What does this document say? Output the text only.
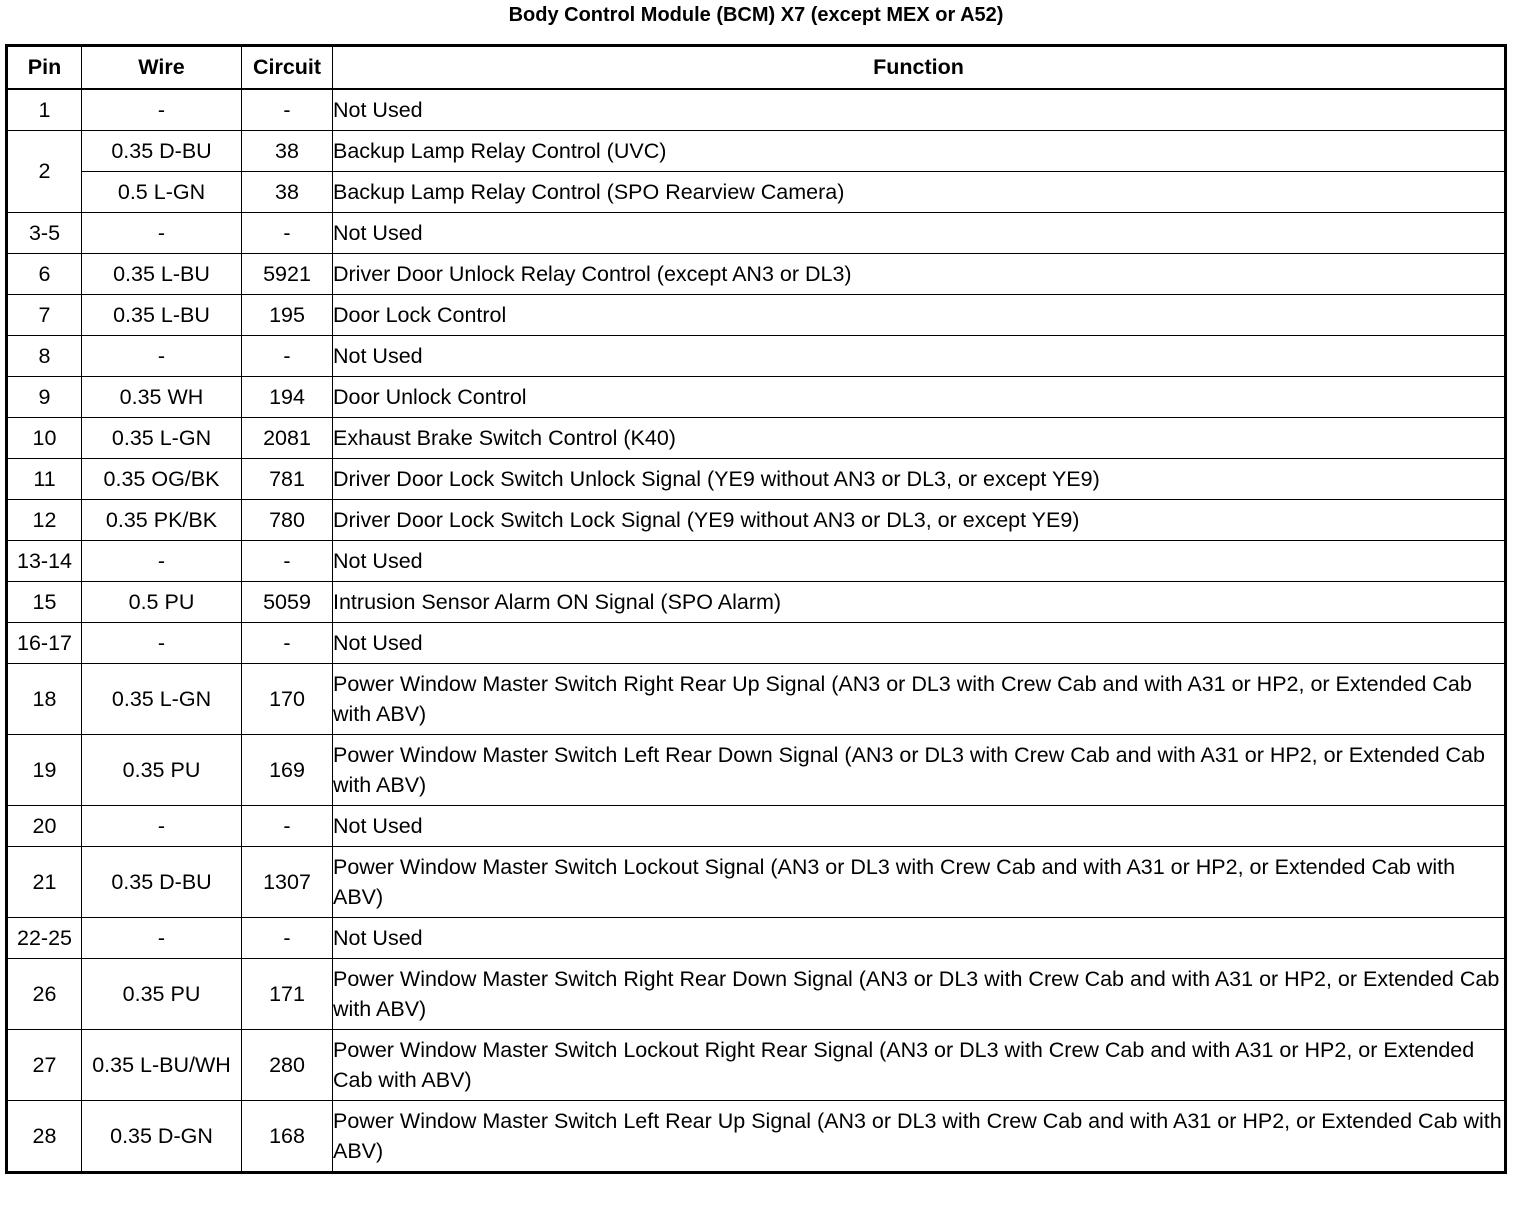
Body Control Module (BCM) X7 (except MEX or A52)
Pin	Wire	Circuit	Function
1	-	-	Not Used
2	0.35 D-BU	38	Backup Lamp Relay Control (UVC)
	0.5 L-GN	38	Backup Lamp Relay Control (SPO Rearview Camera)
3-5	-	-	Not Used
6	0.35 L-BU	5921	Driver Door Unlock Relay Control (except AN3 or DL3)
7	0.35 L-BU	195	Door Lock Control
8	-	-	Not Used
9	0.35 WH	194	Door Unlock Control
10	0.35 L-GN	2081	Exhaust Brake Switch Control (K40)
11	0.35 OG/BK	781	Driver Door Lock Switch Unlock Signal (YE9 without AN3 or DL3, or except YE9)
12	0.35 PK/BK	780	Driver Door Lock Switch Lock Signal (YE9 without AN3 or DL3, or except YE9)
13-14	-	-	Not Used
15	0.5 PU	5059	Intrusion Sensor Alarm ON Signal (SPO Alarm)
16-17	-	-	Not Used
18	0.35 L-GN	170	Power Window Master Switch Right Rear Up Signal (AN3 or DL3 with Crew Cab and with A31 or HP2, or Extended Cab with ABV)
19	0.35 PU	169	Power Window Master Switch Left Rear Down Signal (AN3 or DL3 with Crew Cab and with A31 or HP2, or Extended Cab with ABV)
20	-	-	Not Used
21	0.35 D-BU	1307	Power Window Master Switch Lockout Signal (AN3 or DL3 with Crew Cab and with A31 or HP2, or Extended Cab with ABV)
22-25	-	-	Not Used
26	0.35 PU	171	Power Window Master Switch Right Rear Down Signal (AN3 or DL3 with Crew Cab and with A31 or HP2, or Extended Cab with ABV)
27	0.35 L-BU/WH	280	Power Window Master Switch Lockout Right Rear Signal (AN3 or DL3 with Crew Cab and with A31 or HP2, or Extended Cab with ABV)
28	0.35 D-GN	168	Power Window Master Switch Left Rear Up Signal (AN3 or DL3 with Crew Cab and with A31 or HP2, or Extended Cab with ABV)
